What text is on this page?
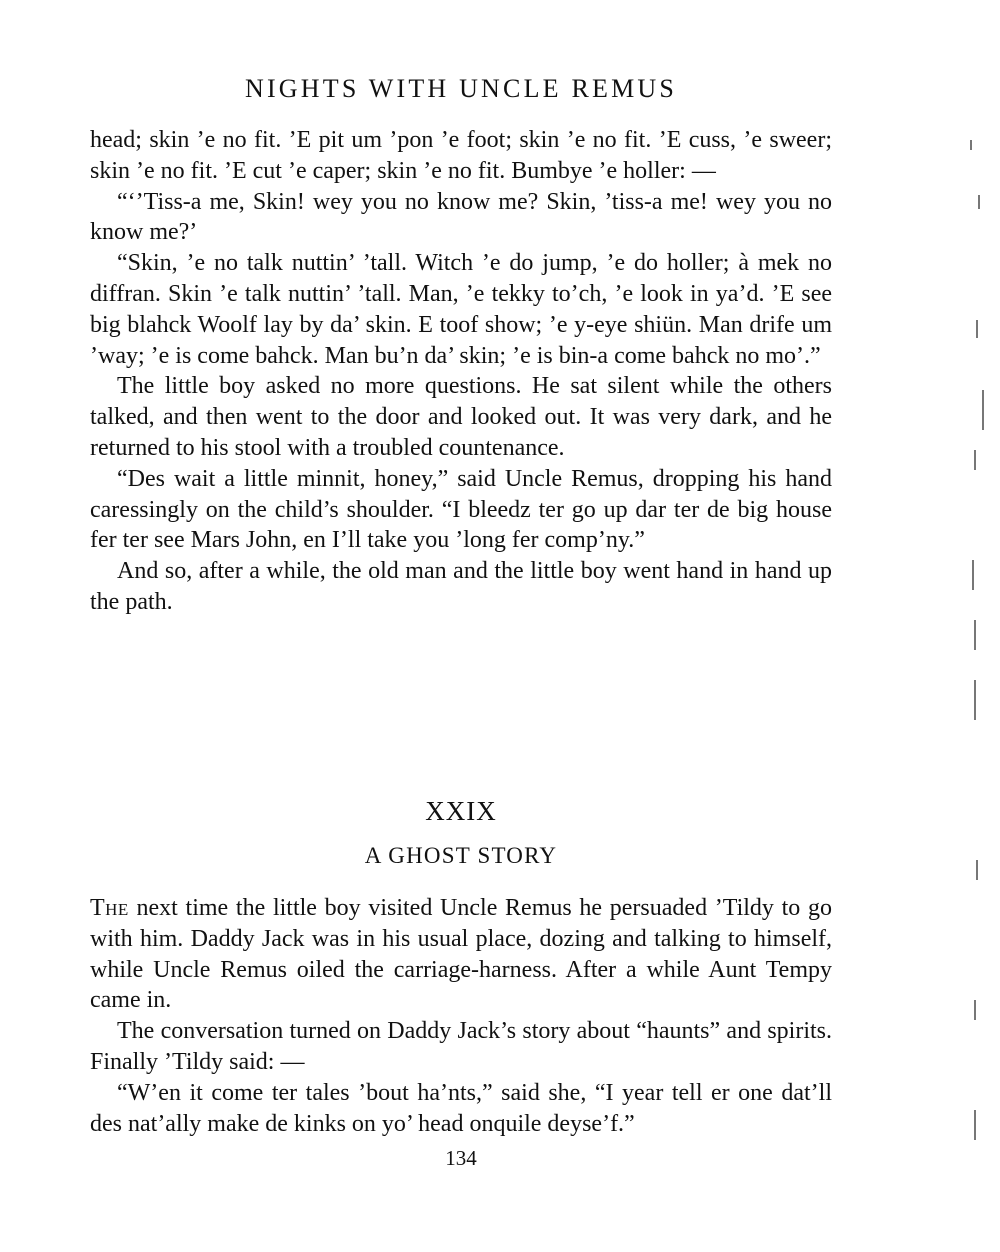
NIGHTS WITH UNCLE REMUS

head; skin ’e no fit. ’E pit um ’pon ’e foot; skin ’e no fit. ’E cuss, ’e sweer; skin ’e no fit. ’E cut ’e caper; skin ’e no fit. Bumbye ’e holler: —

“‘’Tiss-a me, Skin! wey you no know me? Skin, ’tiss-a me! wey you no know me?’

“Skin, ’e no talk nuttin’ ’tall. Witch ’e do jump, ’e do holler; à mek no diffran. Skin ’e talk nuttin’ ’tall. Man, ’e tekky to’ch, ’e look in ya’d. ’E see big blahck Woolf lay by da’ skin. E toof show; ’e y-eye shiün. Man drife um ’way; ’e is come bahck. Man bu’n da’ skin; ’e is bin-a come bahck no mo’.”

The little boy asked no more questions. He sat silent while the others talked, and then went to the door and looked out. It was very dark, and he returned to his stool with a troubled countenance.

“Des wait a little minnit, honey,” said Uncle Remus, dropping his hand caressingly on the child’s shoulder. “I bleedz ter go up dar ter de big house fer ter see Mars John, en I’ll take you ’long fer comp’ny.”

And so, after a while, the old man and the little boy went hand in hand up the path.

XXIX
A GHOST STORY

The next time the little boy visited Uncle Remus he persuaded ’Tildy to go with him. Daddy Jack was in his usual place, dozing and talking to himself, while Uncle Remus oiled the carriage-harness. After a while Aunt Tempy came in.

The conversation turned on Daddy Jack’s story about “haunts” and spirits. Finally ’Tildy said: —

“W’en it come ter tales ’bout ha’nts,” said she, “I year tell er one dat’ll des nat’ally make de kinks on yo’ head onquile deyse’f.”

134
